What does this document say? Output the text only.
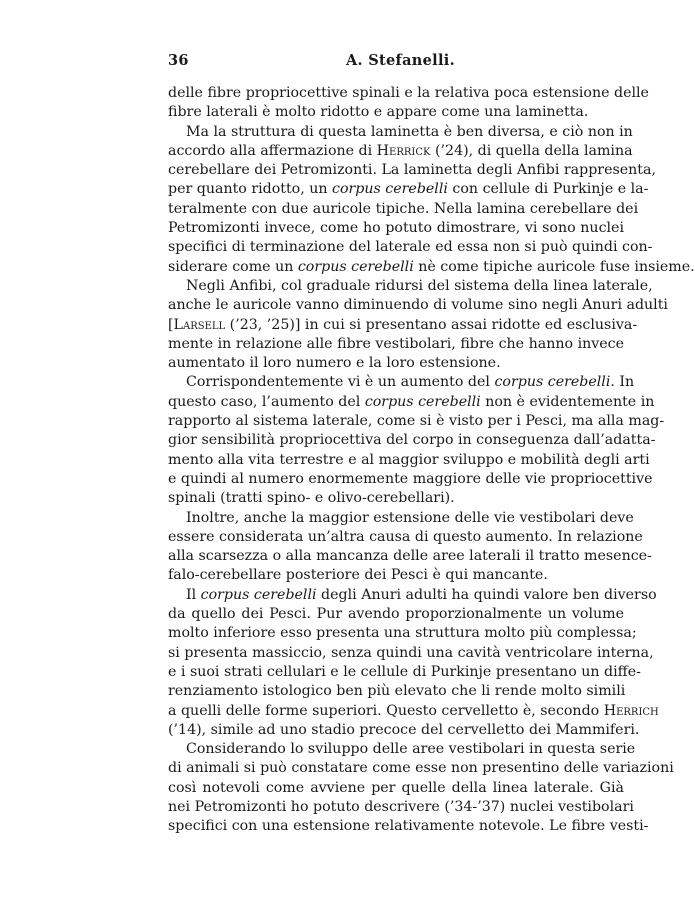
36	A. Stefanelli.
delle fibre propriocettive spinali e la relativa poca estensione delle
fibre laterali è molto ridotto e appare come una laminetta.
Ma la struttura di questa laminetta è ben diversa, e ciò non in
accordo alla affermazione di Herrick (’24), di quella della lamina
cerebellare dei Petromizonti. La laminetta degli Anfibi rappresenta,
per quanto ridotto, un corpus cerebelli con cellule di Purkinje e la-
teralmente con due auricole tipiche. Nella lamina cerebellare dei
Petromizonti invece, come ho potuto dimostrare, vi sono nuclei
specifici di terminazione del laterale ed essa non si può quindi con-
siderare come un corpus cerebelli nè come tipiche auricole fuse insieme.
Negli Anfibi, col graduale ridursi del sistema della linea laterale,
anche le auricole vanno diminuendo di volume sino negli Anuri adulti
[Larsell (’23, ’25)] in cui si presentano assai ridotte ed esclusiva-
mente in relazione alle fibre vestibolari, fibre che hanno invece
aumentato il loro numero e la loro estensione.
Corrispondentemente vi è un aumento del corpus cerebelli. In
questo caso, l’aumento del corpus cerebelli non è evidentemente in
rapporto al sistema laterale, come si è visto per i Pesci, ma alla mag-
gior sensibilità propriocettiva del corpo in conseguenza dall’adatta-
mento alla vita terrestre e al maggior sviluppo e mobilità degli arti
e quindi al numero enormemente maggiore delle vie propriocettive
spinali (tratti spino- e olivo-cerebellari).
Inoltre, anche la maggior estensione delle vie vestibolari deve
essere considerata un’altra causa di questo aumento. In relazione
alla scarsezza o alla mancanza delle aree laterali il tratto mesence-
falo-cerebellare posteriore dei Pesci è qui mancante.
Il corpus cerebelli degli Anuri adulti ha quindi valore ben diverso
da quello dei Pesci. Pur avendo proporzionalmente un volume
molto inferiore esso presenta una struttura molto più complessa;
si presenta massiccio, senza quindi una cavità ventricolare interna,
e i suoi strati cellulari e le cellule di Purkinje presentano un diffe-
renziamento istologico ben più elevato che li rende molto simili
a quelli delle forme superiori. Questo cervelletto è, secondo Herrich
(’14), simile ad uno stadio precoce del cervelletto dei Mammiferi.
Considerando lo sviluppo delle aree vestibolari in questa serie
di animali si può constatare come esse non presentino delle variazioni
così notevoli come avviene per quelle della linea laterale. Già
nei Petromizonti ho potuto descrivere (’34-’37) nuclei vestibolari
specifici con una estensione relativamente notevole. Le fibre vesti-
